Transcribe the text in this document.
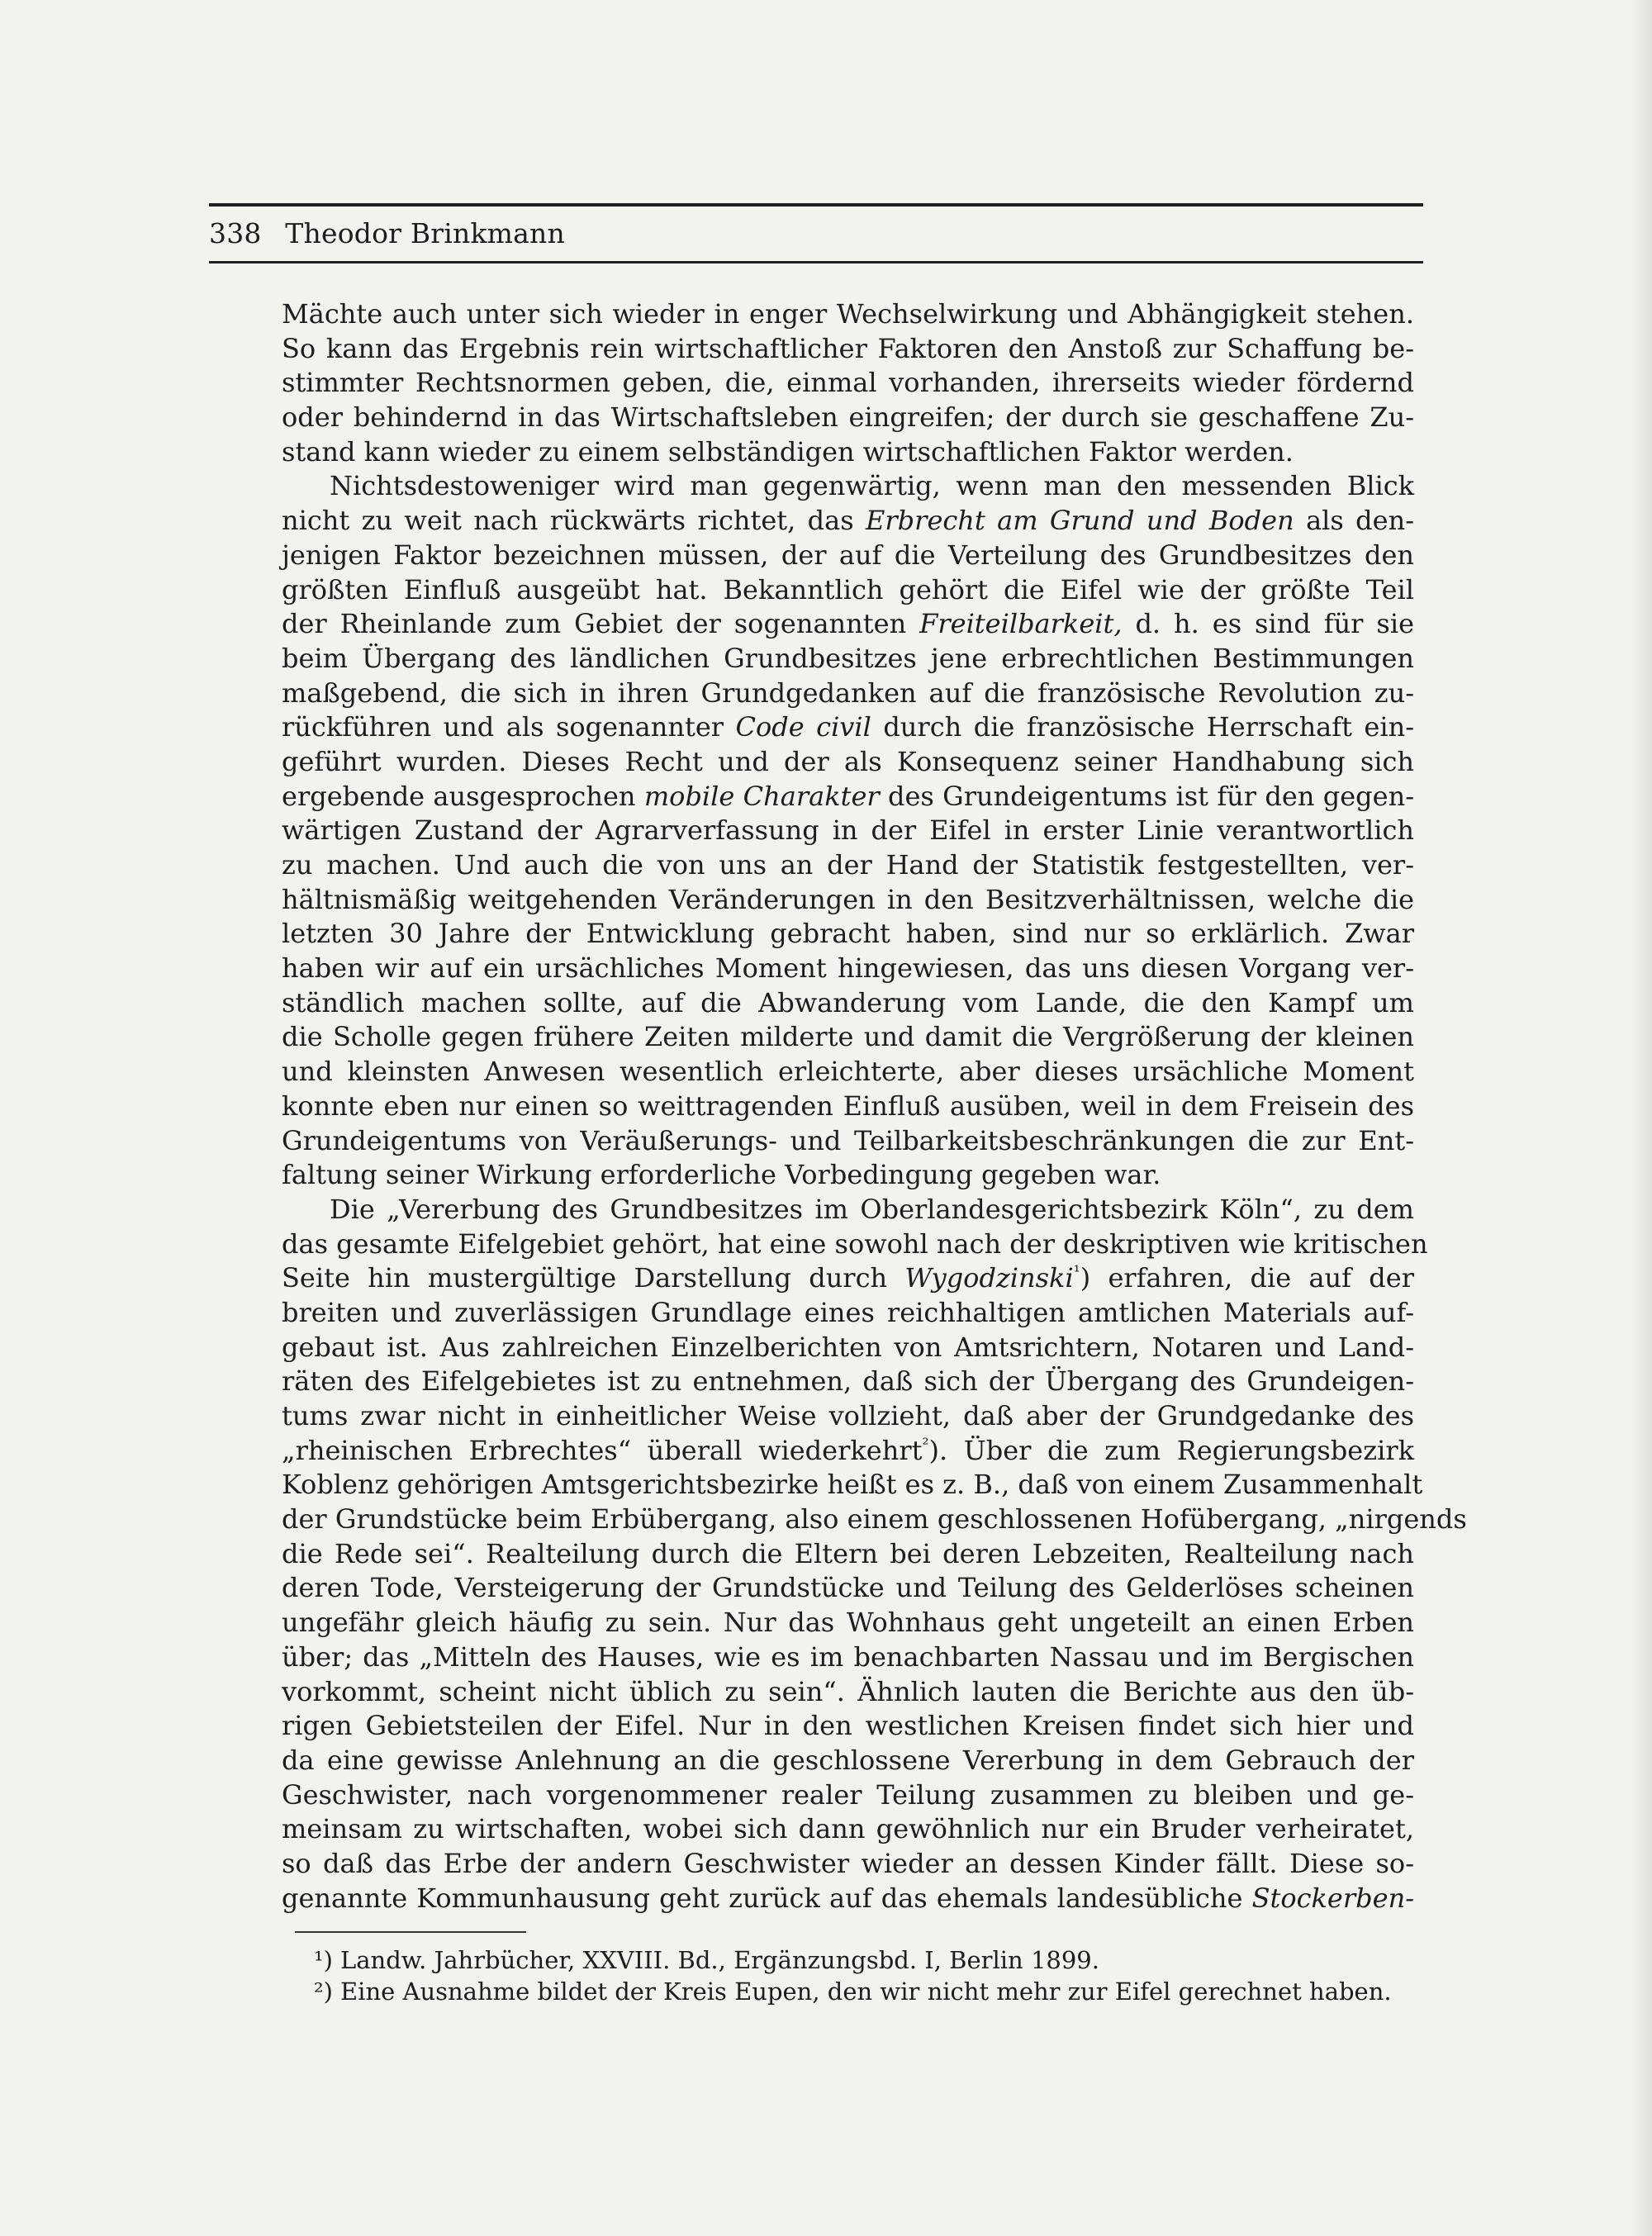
338 Theodor Brinkmann
Mächte auch unter sich wieder in enger Wechselwirkung und Abhängigkeit stehen.
So kann das Ergebnis rein wirtschaftlicher Faktoren den Anstoß zur Schaffung be-
stimmter Rechtsnormen geben, die, einmal vorhanden, ihrerseits wieder fördernd
oder behindernd in das Wirtschaftsleben eingreifen; der durch sie geschaffene Zu-
stand kann wieder zu einem selbständigen wirtschaftlichen Faktor werden.
Nichtsdestoweniger wird man gegenwärtig, wenn man den messenden Blick
nicht zu weit nach rückwärts richtet, das Erbrecht am Grund und Boden als den-
jenigen Faktor bezeichnen müssen, der auf die Verteilung des Grundbesitzes den
größten Einfluß ausgeübt hat. Bekanntlich gehört die Eifel wie der größte Teil
der Rheinlande zum Gebiet der sogenannten Freiteilbarkeit, d. h. es sind für sie
beim Übergang des ländlichen Grundbesitzes jene erbrechtlichen Bestimmungen
maßgebend, die sich in ihren Grundgedanken auf die französische Revolution zu-
rückführen und als sogenannter Code civil durch die französische Herrschaft ein-
geführt wurden. Dieses Recht und der als Konsequenz seiner Handhabung sich
ergebende ausgesprochen mobile Charakter des Grundeigentums ist für den gegen-
wärtigen Zustand der Agrarverfassung in der Eifel in erster Linie verantwortlich
zu machen. Und auch die von uns an der Hand der Statistik festgestellten, ver-
hältnismäßig weitgehenden Veränderungen in den Besitzverhältnissen, welche die
letzten 30 Jahre der Entwicklung gebracht haben, sind nur so erklärlich. Zwar
haben wir auf ein ursächliches Moment hingewiesen, das uns diesen Vorgang ver-
ständlich machen sollte, auf die Abwanderung vom Lande, die den Kampf um
die Scholle gegen frühere Zeiten milderte und damit die Vergrößerung der kleinen
und kleinsten Anwesen wesentlich erleichterte, aber dieses ursächliche Moment
konnte eben nur einen so weittragenden Einfluß ausüben, weil in dem Freisein des
Grundeigentums von Veräußerungs- und Teilbarkeitsbeschränkungen die zur Ent-
faltung seiner Wirkung erforderliche Vorbedingung gegeben war.
Die „Vererbung des Grundbesitzes im Oberlandesgerichtsbezirk Köln“, zu dem
das gesamte Eifelgebiet gehört, hat eine sowohl nach der deskriptiven wie kritischen
Seite hin mustergültige Darstellung durch Wygodzinski$^{^1}$) erfahren, die auf der
breiten und zuverlässigen Grundlage eines reichhaltigen amtlichen Materials auf-
gebaut ist. Aus zahlreichen Einzelberichten von Amtsrichtern, Notaren und Land-
räten des Eifelgebietes ist zu entnehmen, daß sich der Übergang des Grundeigen-
tums zwar nicht in einheitlicher Weise vollzieht, daß aber der Grundgedanke des
„rheinischen Erbrechtes“ überall wiederkehrt$^{^2}$). Über die zum Regierungsbezirk
Koblenz gehörigen Amtsgerichtsbezirke heißt es z. B., daß von einem Zusammenhalt
der Grundstücke beim Erbübergang, also einem geschlossenen Hofübergang, „nirgends
die Rede sei“. Realteilung durch die Eltern bei deren Lebzeiten, Realteilung nach
deren Tode, Versteigerung der Grundstücke und Teilung des Gelderlöses scheinen
ungefähr gleich häufig zu sein. Nur das Wohnhaus geht ungeteilt an einen Erben
über; das „Mitteln des Hauses, wie es im benachbarten Nassau und im Bergischen
vorkommt, scheint nicht üblich zu sein“. Ähnlich lauten die Berichte aus den üb-
rigen Gebietsteilen der Eifel. Nur in den westlichen Kreisen findet sich hier und
da eine gewisse Anlehnung an die geschlossene Vererbung in dem Gebrauch der
Geschwister, nach vorgenommener realer Teilung zusammen zu bleiben und ge-
meinsam zu wirtschaften, wobei sich dann gewöhnlich nur ein Bruder verheiratet,
so daß das Erbe der andern Geschwister wieder an dessen Kinder fällt. Diese so-
genannte Kommunhausung geht zurück auf das ehemals landesübliche Stockerben-
¹) Landw. Jahrbücher, XXVIII. Bd., Ergänzungsbd. I, Berlin 1899.
²) Eine Ausnahme bildet der Kreis Eupen, den wir nicht mehr zur Eifel gerechnet haben.
